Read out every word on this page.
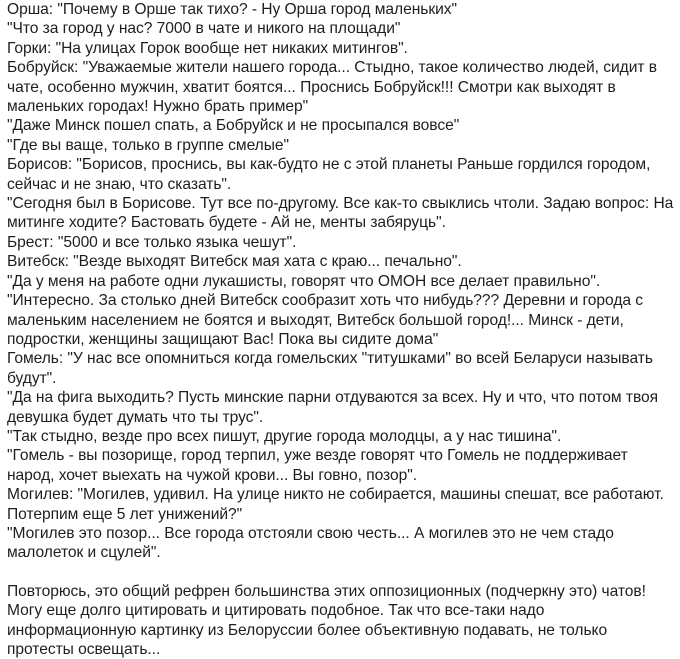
Орша: "Почему в Орше так тихо? - Ну Орша город маленьких"

"Что за город у нас? 7000 в чате и никого на площади"

Горки: "На улицах Горок вообще нет никаких митингов".

Бобруйск: "Уважаемые жители нашего города... Стыдно, такое количество людей, сидит в чате, особенно мужчин, хватит боятся... Проснись Бобруйск!!! Смотри как выходят в маленьких городах! Нужно брать пример"

"Даже Минск пошел спать, а Бобруйск и не просыпался вовсе"

"Где вы ваще, только в группе смелые"

Борисов: "Борисов, проснись, вы как-будто не с этой планеты Раньше гордился городом, сейчас и не знаю, что сказать".

"Сегодня был в Борисове. Тут все по-другому. Все как-то свыклись чтоли. Задаю вопрос: На митинге ходите? Бастовать будете - Ай не, менты забяруць".

Брест: "5000 и все только языка чешут".

Витебск: "Везде выходят Витебск мая хата с краю... печально".

"Да у меня на работе одни лукашисты, говорят что ОМОН все делает правильно".

"Интересно. За столько дней Витебск сообразит хоть что нибудь??? Деревни и города с маленьким населением не боятся и выходят, Витебск большой город!... Минск - дети, подростки, женщины защищают Вас! Пока вы сидите дома"

Гомель: "У нас все опомниться когда гомельских "титушками" во всей Беларуси называть будут".

"Да на фига выходить? Пусть минские парни отдуваются за всех. Ну и что, что потом твоя девушка будет думать что ты трус".

"Так стыдно, везде про всех пишут, другие города молодцы, а у нас тишина".

"Гомель - вы позорище, город терпил, уже везде говорят что Гомель не поддерживает народ, хочет выехать на чужой крови... Вы говно, позор".

Могилев: "Могилев, удивил. На улице никто не собирается, машины спешат, все работают. Потерпим еще 5 лет унижений?"

"Могилев это позор... Все города отстояли свою честь... А могилев это не чем стадо малолеток и сцулей".

Повторюсь, это общий рефрен большинства этих оппозиционных (подчеркну это) чатов! Могу еще долго цитировать и цитировать подобное. Так что все-таки надо информационную картинку из Белоруссии более объективную подавать, не только протесты освещать...
